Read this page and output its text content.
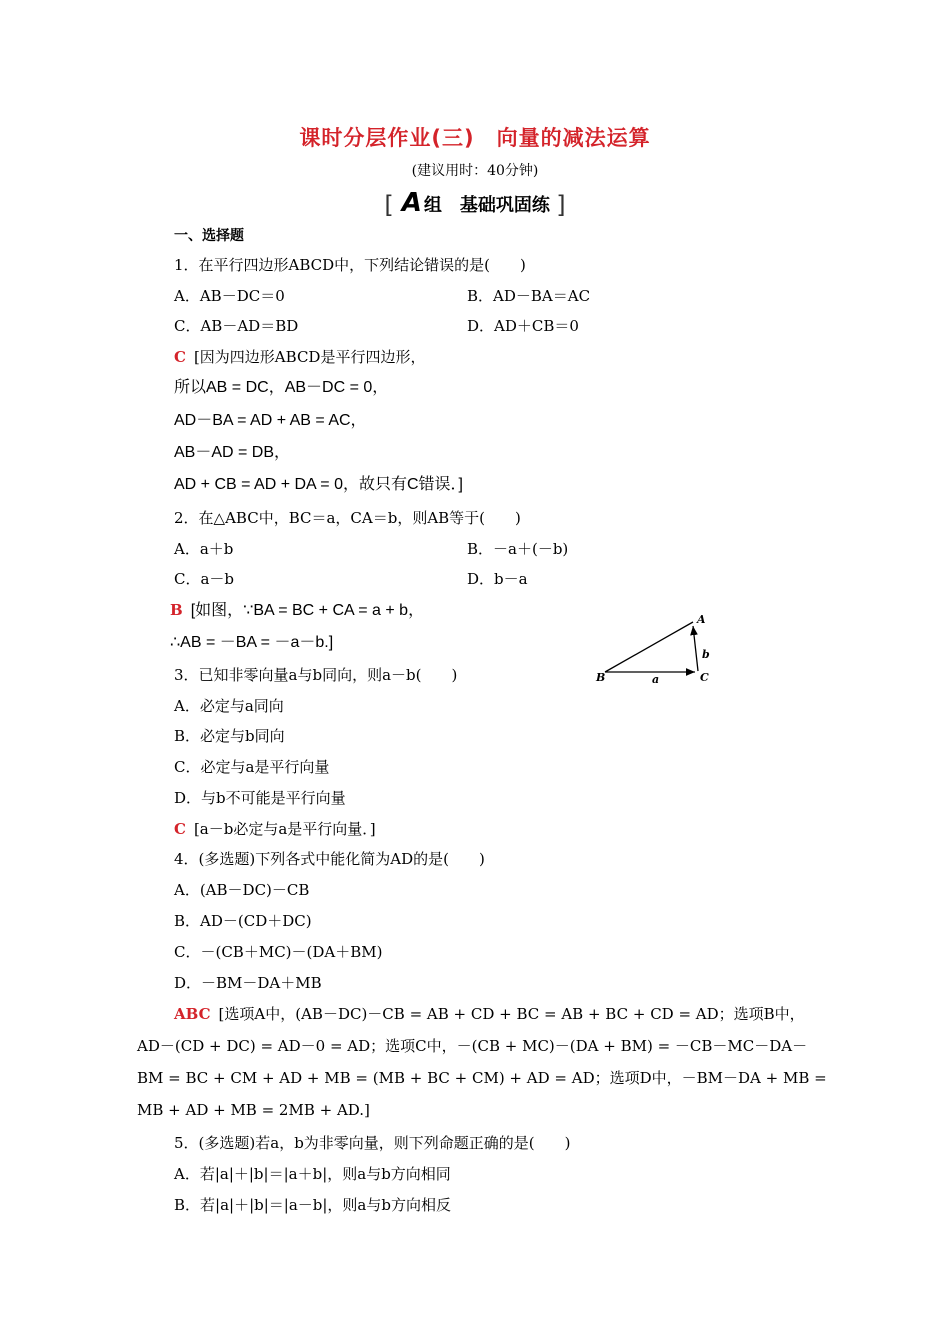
课时分层作业(三)　向量的减法运算
(建议用时：40分钟)
[ A 组　基础巩固练 ]
一、选择题
1．在平行四边形ABCD中，下列结论错误的是(　　)
A．AB－DC＝0	B．AD－BA＝AC
C．AB－AD＝BD	D．AD＋CB＝0
C [因为四边形ABCD是平行四边形，
所以AB = DC，AB－DC = 0，
AD－BA = AD + AB = AC，
AB－AD = DB，
AD + CB = AD + DA = 0，故只有C错误．]
2．在△ABC中，BC＝a，CA＝b，则AB等于(　　)
A．a＋b	B．－a＋(－b)
C．a－b	D．b－a
B [如图，∵BA = BC + CA = a + b，
∴AB = －BA = －a－b.]
A
B	C
a
b
3．已知非零向量a与b同向，则a－b(　　)
A．必定与a同向
B．必定与b同向
C．必定与a是平行向量
D．与b不可能是平行向量
C [a－b必定与a是平行向量．]
4．(多选题)下列各式中能化简为AD的是(　　)
A．(AB－DC)－CB
B．AD－(CD＋DC)
C．－(CB＋MC)－(DA＋BM)
D．－BM－DA＋MB
ABC [选项A中，(AB－DC)－CB = AB + CD + BC = AB + BC + CD = AD；选项B中，
AD－(CD + DC) = AD－0 = AD；选项C中，－(CB + MC)－(DA + BM) = －CB－MC－DA－
BM = BC + CM + AD + MB = (MB + BC + CM) + AD = AD；选项D中，－BM－DA + MB =
MB + AD + MB = 2MB + AD.]
5．(多选题)若a，b为非零向量，则下列命题正确的是(　　)
A．若|a|＋|b|＝|a＋b|，则a与b方向相同
B．若|a|＋|b|＝|a－b|，则a与b方向相反
